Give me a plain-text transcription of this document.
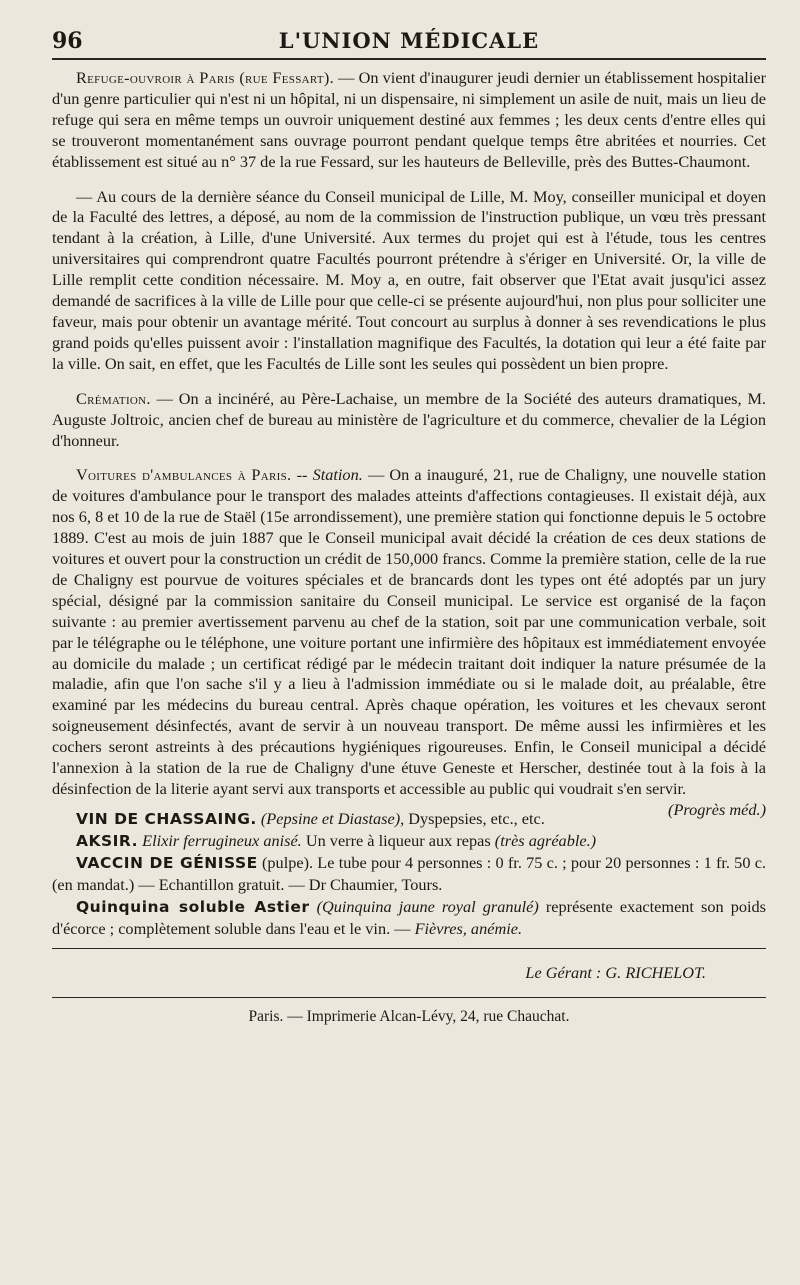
96	L'UNION MÉDICALE

Refuge-ouvroir à Paris (rue Fessart). — On vient d'inaugurer jeudi dernier un établissement hospitalier d'un genre particulier qui n'est ni un hôpital, ni un dispensaire, ni simplement un asile de nuit, mais un lieu de refuge qui sera en même temps un ouvroir uniquement destiné aux femmes ; les deux cents d'entre elles qui se trouveront momentanément sans ouvrage pourront pendant quelque temps être abritées et nourries. Cet établissement est situé au n° 37 de la rue Fessard, sur les hauteurs de Belleville, près des Buttes-Chaumont.

— Au cours de la dernière séance du Conseil municipal de Lille, M. Moy, conseiller municipal et doyen de la Faculté des lettres, a déposé, au nom de la commission de l'instruction publique, un vœu très pressant tendant à la création, à Lille, d'une Université. Aux termes du projet qui est à l'étude, tous les centres universitaires qui comprendront quatre Facultés pourront prétendre à s'ériger en Université. Or, la ville de Lille remplit cette condition nécessaire. M. Moy a, en outre, fait observer que l'Etat avait jusqu'ici assez demandé de sacrifices à la ville de Lille pour que celle-ci se présente aujourd'hui, non plus pour solliciter une faveur, mais pour obtenir un avantage mérité. Tout concourt au surplus à donner à ses revendications le plus grand poids qu'elles puissent avoir : l'installation magnifique des Facultés, la dotation qui leur a été faite par la ville. On sait, en effet, que les Facultés de Lille sont les seules qui possèdent un bien propre.

Crémation. — On a incinéré, au Père-Lachaise, un membre de la Société des auteurs dramatiques, M. Auguste Joltroic, ancien chef de bureau au ministère de l'agriculture et du commerce, chevalier de la Légion d'honneur.

Voitures d'ambulances à Paris. -- Station. — On a inauguré, 21, rue de Chaligny, une nouvelle station de voitures d'ambulance pour le transport des malades atteints d'affections contagieuses. Il existait déjà, aux nos 6, 8 et 10 de la rue de Staël (15e arrondissement), une première station qui fonctionne depuis le 5 octobre 1889. C'est au mois de juin 1887 que le Conseil municipal avait décidé la création de ces deux stations de voitures et ouvert pour la construction un crédit de 150,000 francs. Comme la première station, celle de la rue de Chaligny est pourvue de voitures spéciales et de brancards dont les types ont été adoptés par un jury spécial, désigné par la commission sanitaire du Conseil municipal. Le service est organisé de la façon suivante : au premier avertissement parvenu au chef de la station, soit par une communication verbale, soit par le télégraphe ou le téléphone, une voiture portant une infirmière des hôpitaux est immédiatement envoyée au domicile du malade ; un certificat rédigé par le médecin traitant doit indiquer la nature présumée de la maladie, afin que l'on sache s'il y a lieu à l'admission immédiate ou si le malade doit, au préalable, être examiné par les médecins du bureau central. Après chaque opération, les voitures et les chevaux seront soigneusement désinfectés, avant de servir à un nouveau transport. De même aussi les infirmières et les cochers seront astreints à des précautions hygiéniques rigoureuses. Enfin, le Conseil municipal a décidé l'annexion à la station de la rue de Chaligny d'une étuve Geneste et Herscher, destinée tout à la fois à la désinfection de la literie ayant servi aux transports et accessible au public qui voudrait s'en servir.
(Progrès méd.)

VIN DE CHASSAING. (Pepsine et Diastase), Dyspepsies, etc., etc.

AKSIR. Elixir ferrugineux anisé. Un verre à liqueur aux repas (très agréable.)

VACCIN DE GÉNISSE (pulpe). Le tube pour 4 personnes : 0 fr. 75 c. ; pour 20 personnes : 1 fr. 50 c. (en mandat.) — Echantillon gratuit. — Dr Chaumier, Tours.

Quinquina soluble Astier (Quinquina jaune royal granulé) représente exactement son poids d'écorce ; complètement soluble dans l'eau et le vin. — Fièvres, anémie.

Le Gérant : G. RICHELOT.
Paris. — Imprimerie Alcan-Lévy, 24, rue Chauchat.
